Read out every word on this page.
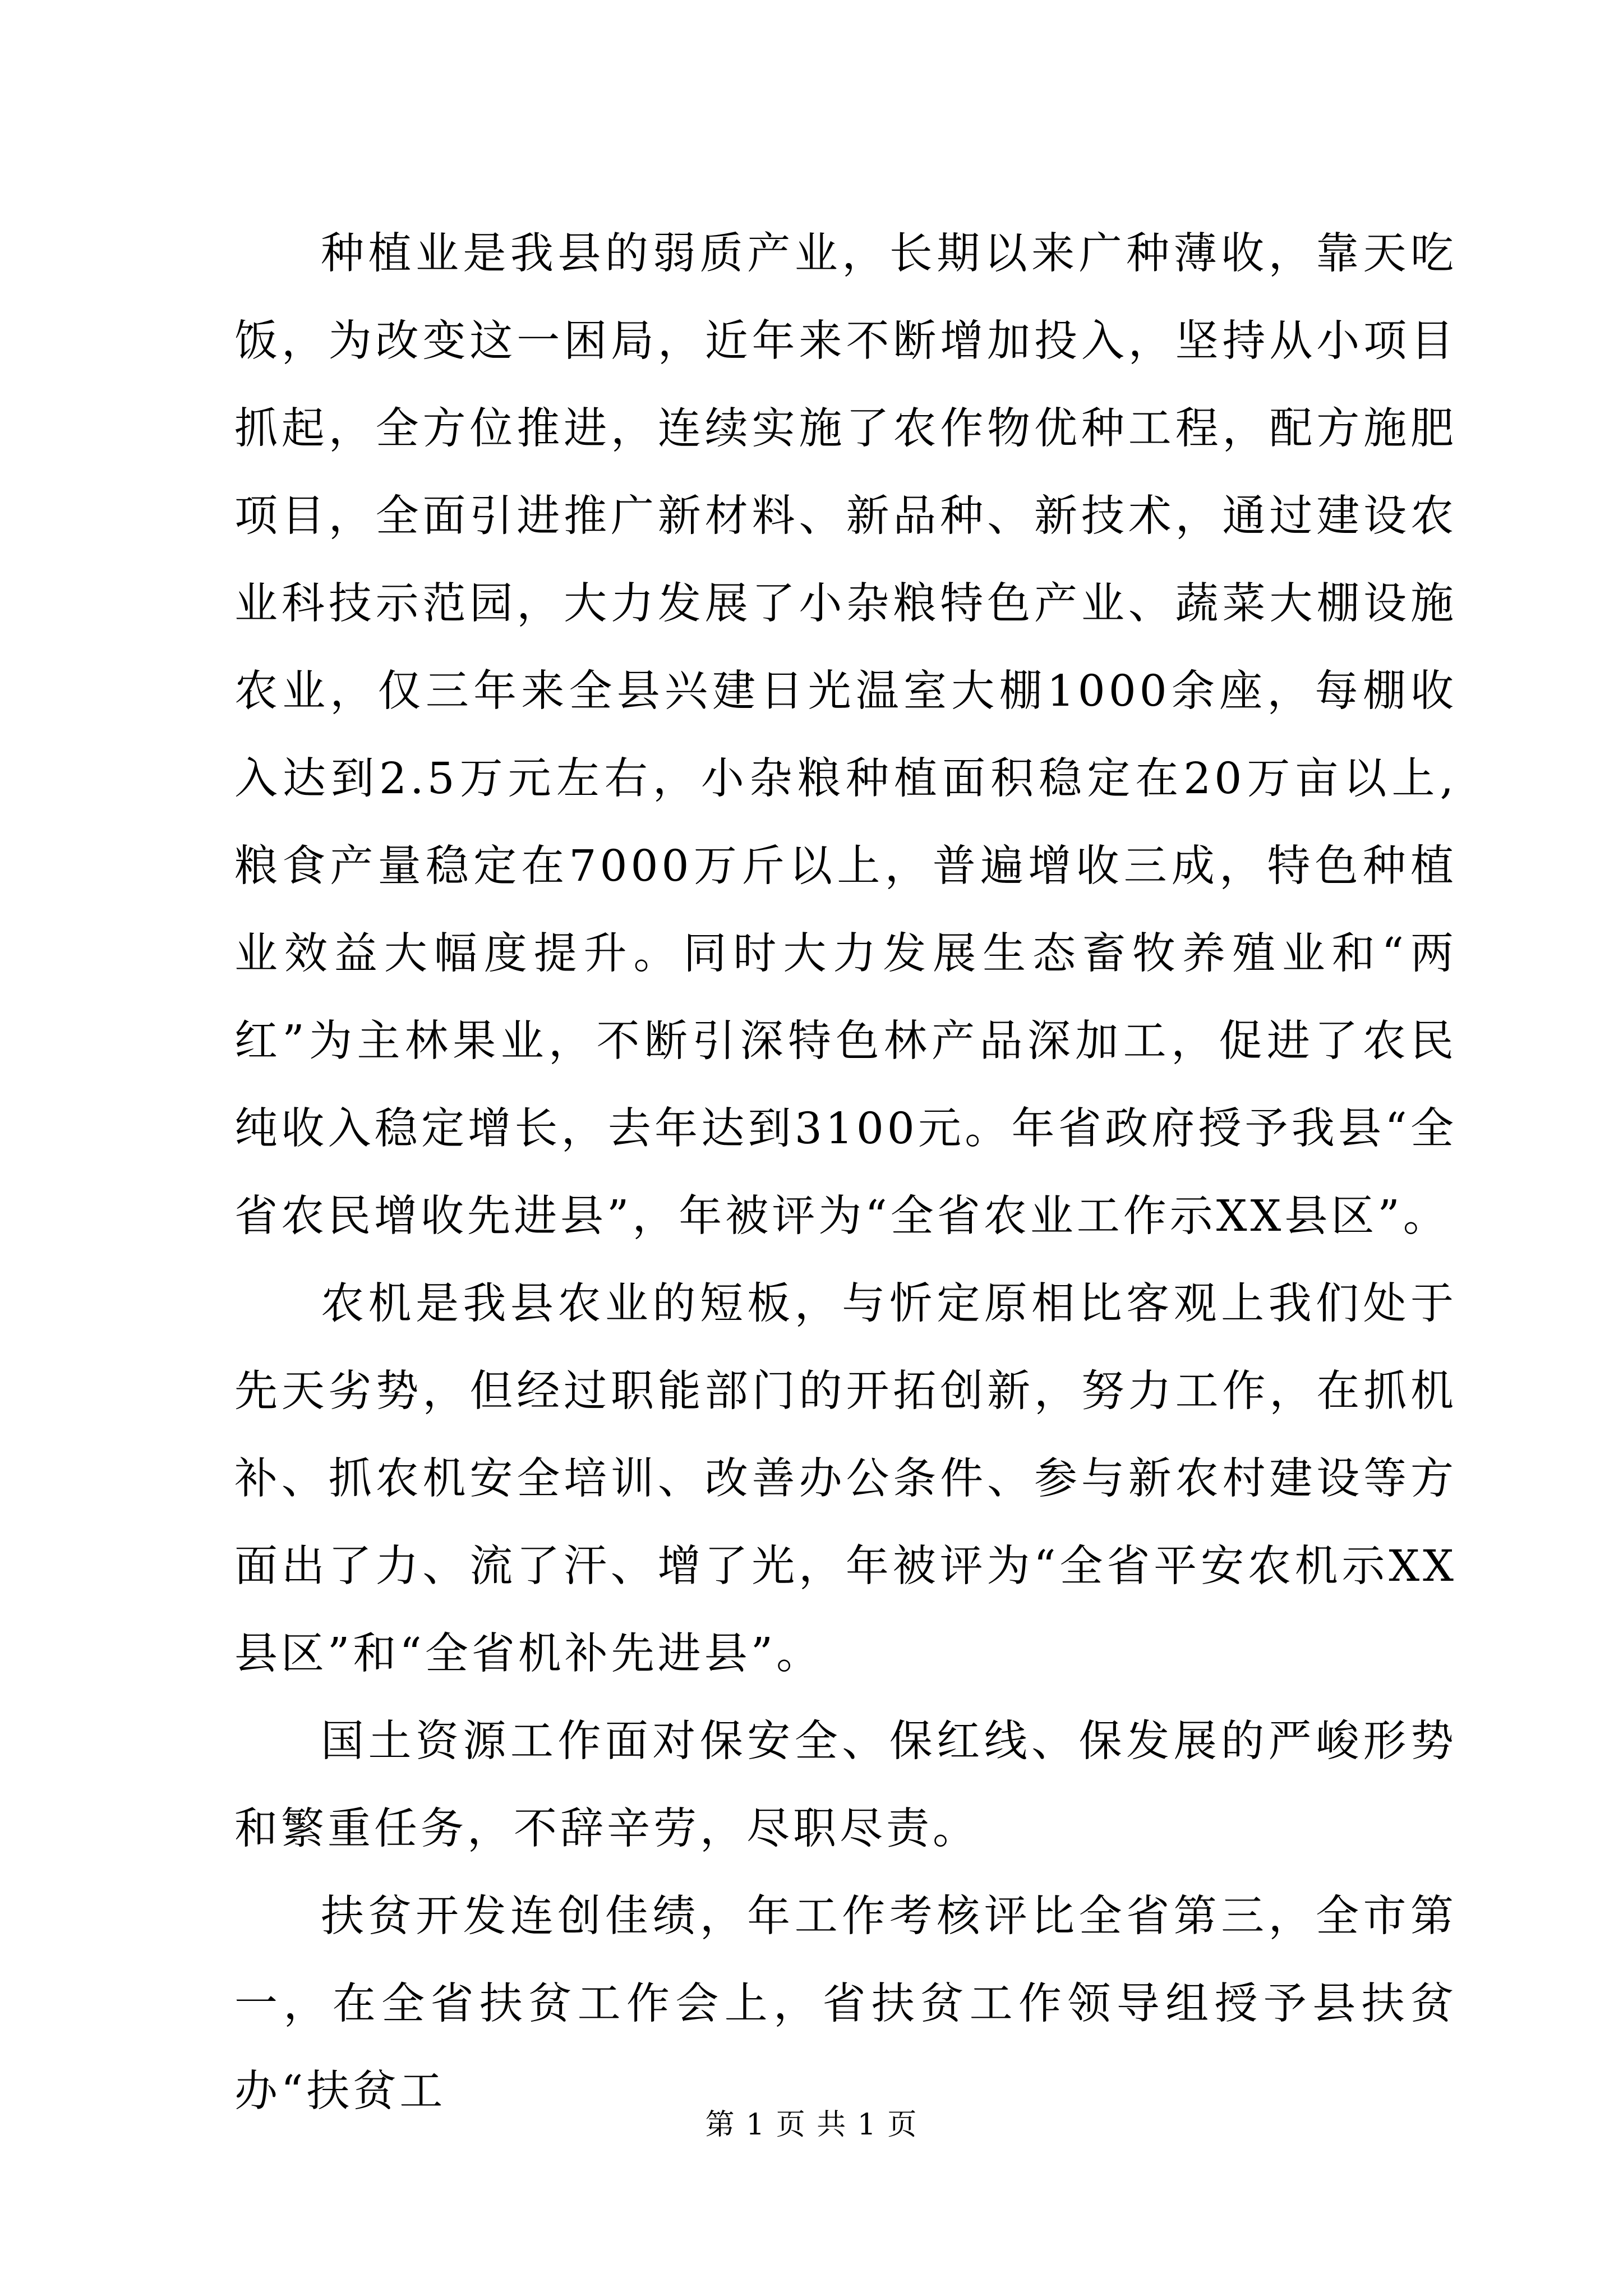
种植业是我县的弱质产业，长期以来广种薄收，靠天吃饭，为改变这一困局，近年来不断增加投入，坚持从小项目抓起，全方位推进，连续实施了农作物优种工程，配方施肥项目，全面引进推广新材料、新品种、新技术，通过建设农业科技示范园，大力发展了小杂粮特色产业、蔬菜大棚设施农业，仅三年来全县兴建日光温室大棚1000余座，每棚收入达到2.5万元左右，小杂粮种植面积稳定在20万亩以上,粮食产量稳定在7000万斤以上，普遍增收三成，特色种植业效益大幅度提升。同时大力发展生态畜牧养殖业和“两红”为主林果业，不断引深特色林产品深加工，促进了农民纯收入稳定增长，去年达到3100元。年省政府授予我县“全省农民增收先进县”，年被评为“全省农业工作示XX县区”。

农机是我县农业的短板，与忻定原相比客观上我们处于先天劣势，但经过职能部门的开拓创新，努力工作，在抓机补、抓农机安全培训、改善办公条件、参与新农村建设等方面出了力、流了汗、增了光，年被评为“全省平安农机示XX县区”和“全省机补先进县”。

国土资源工作面对保安全、保红线、保发展的严峻形势和繁重任务，不辞辛劳，尽职尽责。

扶贫开发连创佳绩，年工作考核评比全省第三，全市第一，在全省扶贫工作会上，省扶贫工作领导组授予县扶贫办“扶贫工

第 1 页 共 1 页
